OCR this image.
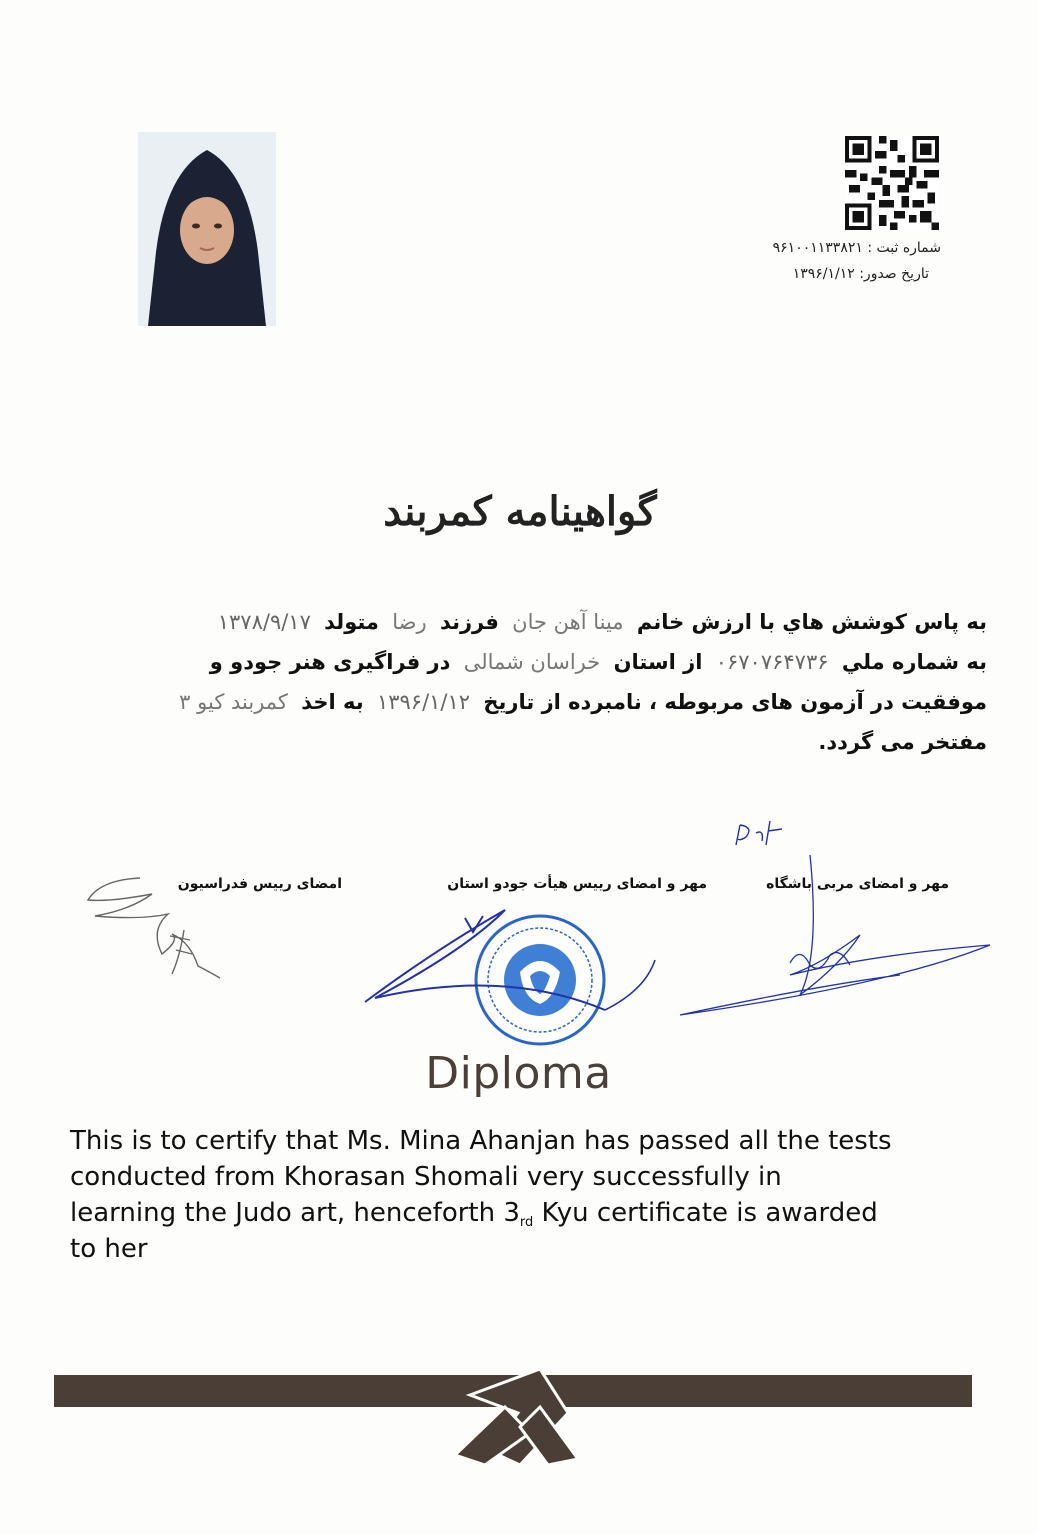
شماره ثبت : ۹۶۱۰۰۱۱۳۳۸۲۱
تاریخ صدور: ۱۳۹۶/۱/۱۲
گواهینامه کمربند
به پاس کوشش هاي با ارزش خانم مینا آهن جان فرزند رضا متولد ۱۳۷۸/۹/۱۷
به شماره ملي ۰۶۷۰۷۶۴۷۳۶ از استان خراسان شمالی در فراگیری هنر جودو و
موفقيت در آزمون های مربوطه ، نامبرده از تاریخ ۱۳۹۶/۱/۱۲ به اخذ کمربند کیو ۳
مفتخر می گردد.
مهر و امضای مربی باشگاه
مهر و امضای رییس هیأت جودو استان
امضای رییس فدراسیون
Diploma
This is to certify that Ms. Mina Ahanjan has passed all the tests
conducted from Khorasan Shomali very successfully in
learning the Judo art, henceforth $3_{rd}$ Kyu certificate is awarded
to her
